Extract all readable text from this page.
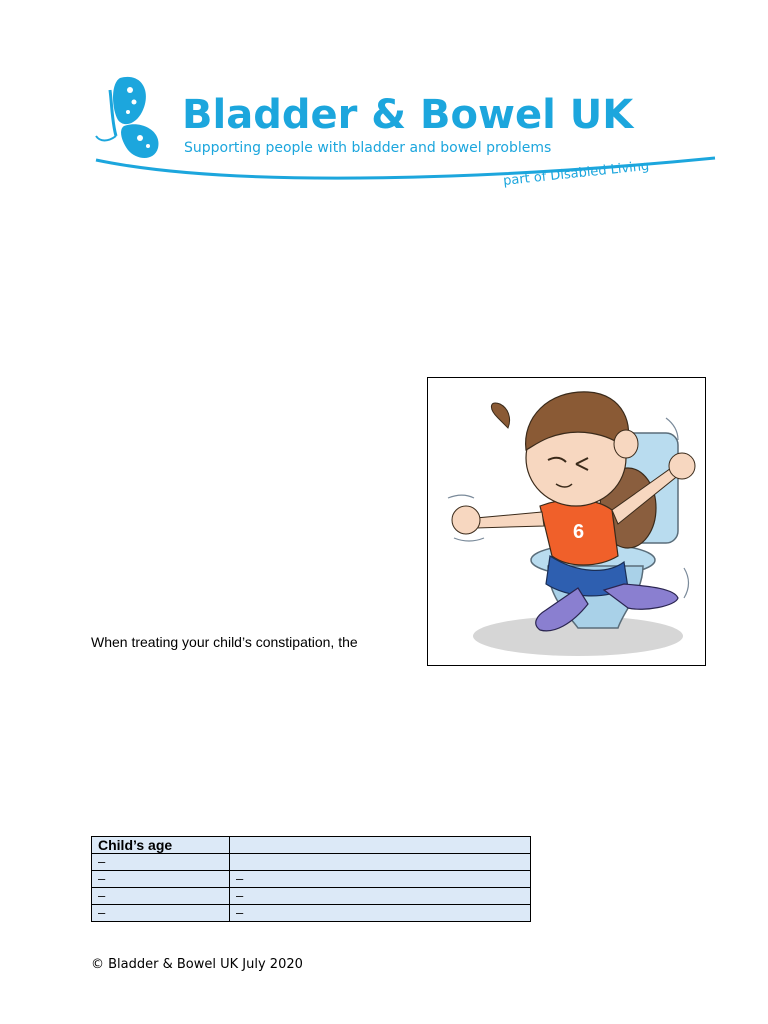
Bladder & Bowel UK
Supporting people with bladder and bowel problems
part of Disabled Living
6
When treating your child’s constipation, the
Child’s age	
–	
–	–
–	–
–	–
© Bladder & Bowel UK July 2020
